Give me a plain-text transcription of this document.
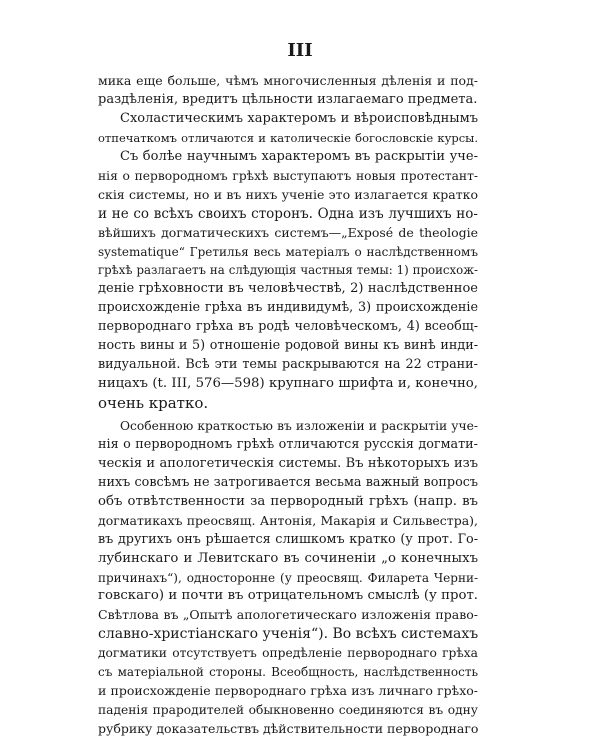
III
мика еще больше, чѣмъ многочисленныя дѣленія и под-
раздѣленія, вредитъ цѣльности излагаемаго предмета.
Схоластическимъ характеромъ и вѣроисповѣднымъ
отпечаткомъ отличаются и католическіе богословскіе курсы.
Съ болѣе научнымъ характеромъ въ раскрытіи уче-
нія о первородномъ грѣхѣ выступаютъ новыя протестант-
скія системы, но и въ нихъ ученіе это излагается кратко
и не со всѣхъ своихъ сторонъ. Одна изъ лучшихъ но-
вѣйшихъ догматическихъ системъ—„Exposé de theologie
systematique“ Гретилья весь матеріалъ о наслѣдственномъ
грѣхѣ разлагаетъ на слѣдующія частныя темы: 1) происхож-
деніе грѣховности въ человѣчествѣ, 2) наслѣдственное
происхожденіе грѣха въ индивидумѣ, 3) происхожденіе
первороднаго грѣха въ родѣ человѣческомъ, 4) всеобщ-
ность вины и 5) отношеніе родовой вины къ винѣ инди-
видуальной. Всѣ эти темы раскрываются на 22 страни-
ницахъ (t. III, 576—598) крупнаго шрифта и, конечно,
очень кратко.
Особенною краткостью въ изложеніи и раскрытіи уче-
нія о первородномъ грѣхѣ отличаются русскія догмати-
ческія и апологетическія системы. Въ нѣкоторыхъ изъ
нихъ совсѣмъ не затрогивается весьма важный вопросъ
объ отвѣтственности за первородный грѣхъ (напр. въ
догматикахъ преосвящ. Антонія, Макарія и Сильвестра),
въ другихъ онъ рѣшается слишкомъ кратко (у прот. Го-
лубинскаго и Левитскаго въ сочиненіи „о конечныхъ
причинахъ“), односторонне (у преосвящ. Филарета Черни-
говскаго) и почти въ отрицательномъ смыслѣ (у прот.
Свѣтлова въ „Опытѣ апологетическаго изложенія право-
славно-христіанскаго ученія“). Во всѣхъ системахъ
догматики отсутствуетъ опредѣленіе первороднаго грѣха
съ матеріальной стороны. Всеобщность, наслѣдственность
и происхожденіе первороднаго грѣха изъ личнаго грѣхо-
паденія прародителей обыкновенно соединяются въ одну
рубрику доказательствъ дѣйствительности первороднаго
